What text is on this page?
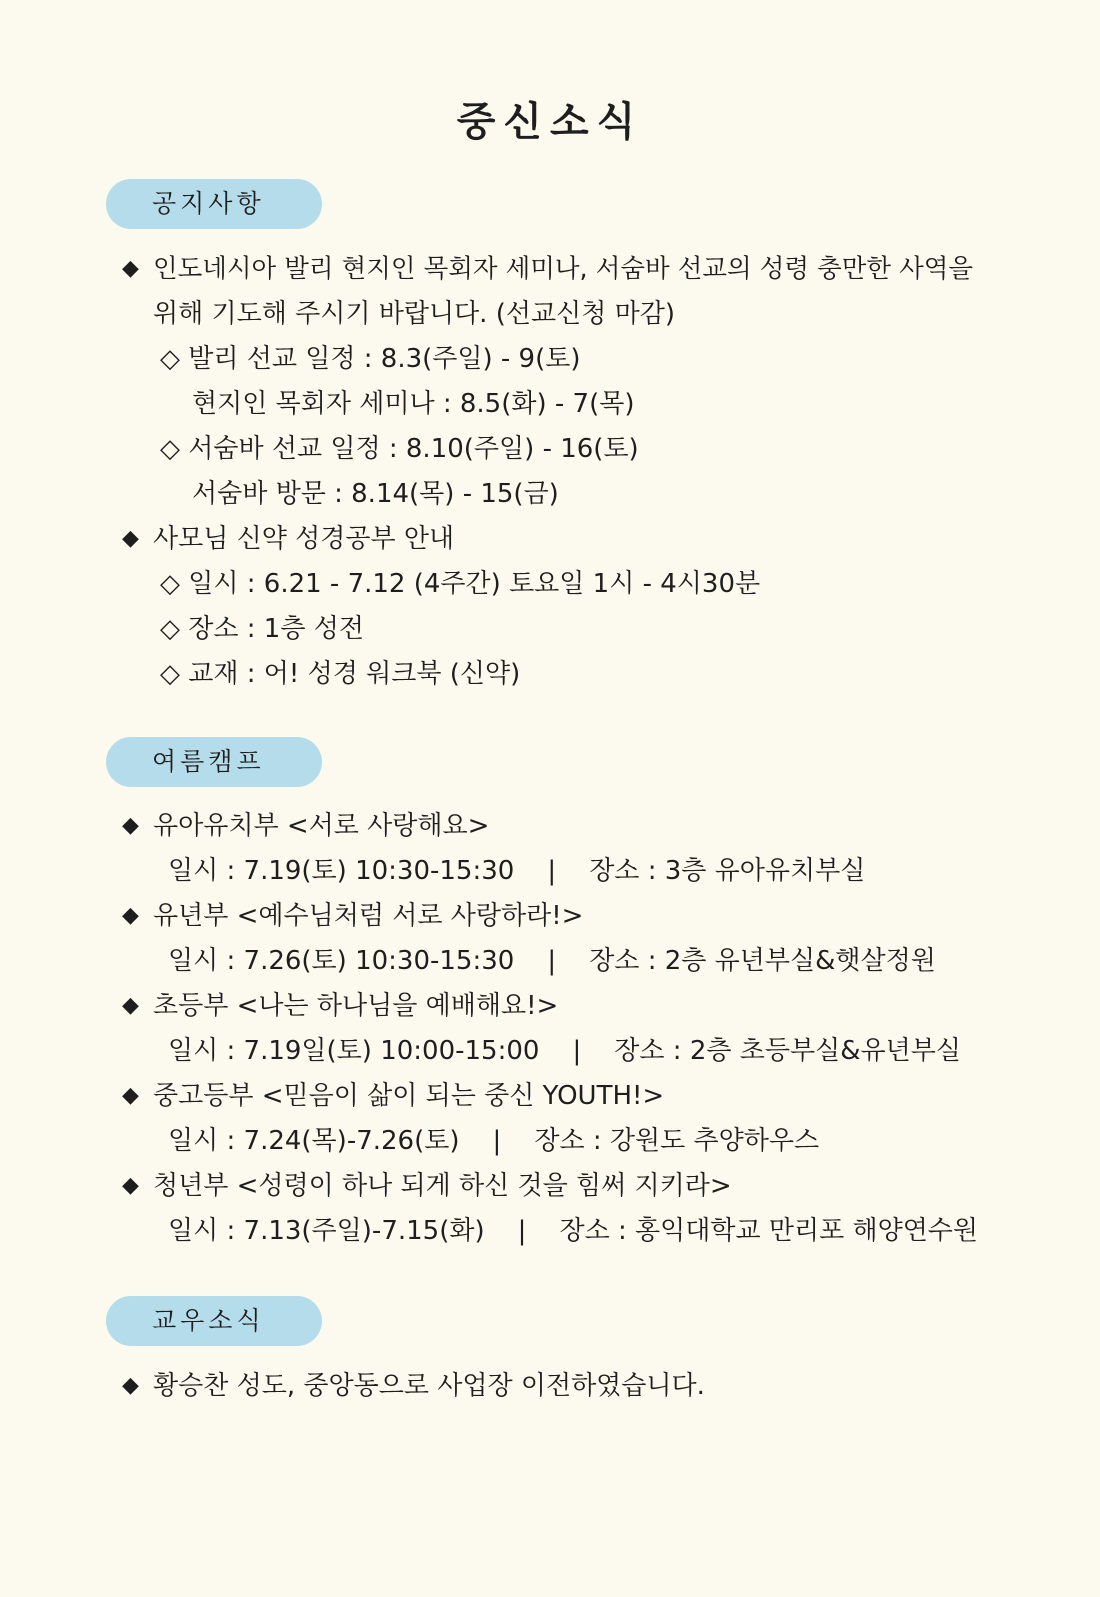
중신소식
공지사항
◆ 인도네시아 발리 현지인 목회자 세미나, 서숨바 선교의 성령 충만한 사역을
위해 기도해 주시기 바랍니다. (선교신청 마감)
◇ 발리 선교 일정 : 8.3(주일) - 9(토)
현지인 목회자 세미나 : 8.5(화) - 7(목)
◇ 서숨바 선교 일정 : 8.10(주일) - 16(토)
서숨바 방문 : 8.14(목) - 15(금)
◆ 사모님 신약 성경공부 안내
◇ 일시 : 6.21 - 7.12 (4주간) 토요일 1시 - 4시30분
◇ 장소 : 1층 성전
◇ 교재 : 어! 성경 워크북 (신약)
여름캠프
◆ 유아유치부 <서로 사랑해요>
일시 : 7.19(토) 10:30-15:30    |    장소 : 3층 유아유치부실
◆ 유년부 <예수님처럼 서로 사랑하라!>
일시 : 7.26(토) 10:30-15:30    |    장소 : 2층 유년부실&햇살정원
◆ 초등부 <나는 하나님을 예배해요!>
일시 : 7.19일(토) 10:00-15:00    |    장소 : 2층 초등부실&유년부실
◆ 중고등부 <믿음이 삶이 되는 중신 YOUTH!>
일시 : 7.24(목)-7.26(토)    |    장소 : 강원도 추양하우스
◆ 청년부 <성령이 하나 되게 하신 것을 힘써 지키라>
일시 : 7.13(주일)-7.15(화)    |    장소 : 홍익대학교 만리포 해양연수원
교우소식
◆ 황승찬 성도, 중앙동으로 사업장 이전하였습니다.
